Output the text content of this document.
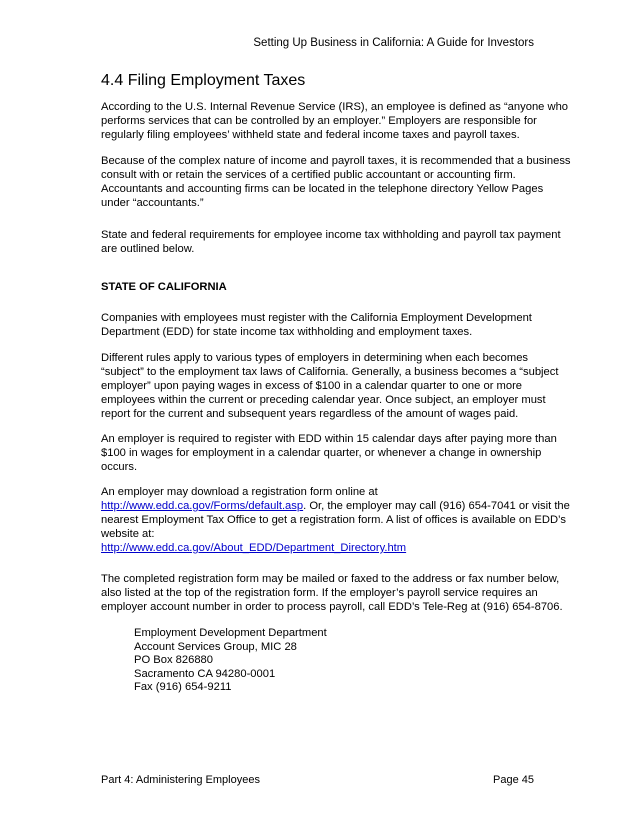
Setting Up Business in California: A Guide for Investors
4.4 Filing Employment Taxes

According to the U.S. Internal Revenue Service (IRS), an employee is defined as “anyone who performs services that can be controlled by an employer.” Employers are responsible for regularly filing employees’ withheld state and federal income taxes and payroll taxes.

Because of the complex nature of income and payroll taxes, it is recommended that a business consult with or retain the services of a certified public accountant or accounting firm. Accountants and accounting firms can be located in the telephone directory Yellow Pages under “accountants.”

State and federal requirements for employee income tax withholding and payroll tax payment are outlined below.

STATE OF CALIFORNIA

Companies with employees must register with the California Employment Development Department (EDD) for state income tax withholding and employment taxes.

Different rules apply to various types of employers in determining when each becomes “subject” to the employment tax laws of California. Generally, a business becomes a “subject employer” upon paying wages in excess of $100 in a calendar quarter to one or more employees within the current or preceding calendar year. Once subject, an employer must report for the current and subsequent years regardless of the amount of wages paid.

An employer is required to register with EDD within 15 calendar days after paying more than $100 in wages for employment in a calendar quarter, or whenever a change in ownership occurs.

An employer may download a registration form online at
http://www.edd.ca.gov/Forms/default.asp. Or, the employer may call (916) 654-7041 or visit the nearest Employment Tax Office to get a registration form. A list of offices is available on EDD’s website at:
http://www.edd.ca.gov/About_EDD/Department_Directory.htm

The completed registration form may be mailed or faxed to the address or fax number below, also listed at the top of the registration form. If the employer’s payroll service requires an employer account number in order to process payroll, call EDD’s Tele-Reg at (916) 654-8706.

Employment Development Department
Account Services Group, MIC 28
PO Box 826880
Sacramento CA 94280-0001
Fax (916) 654-9211
Part 4: Administering Employees	Page 45
